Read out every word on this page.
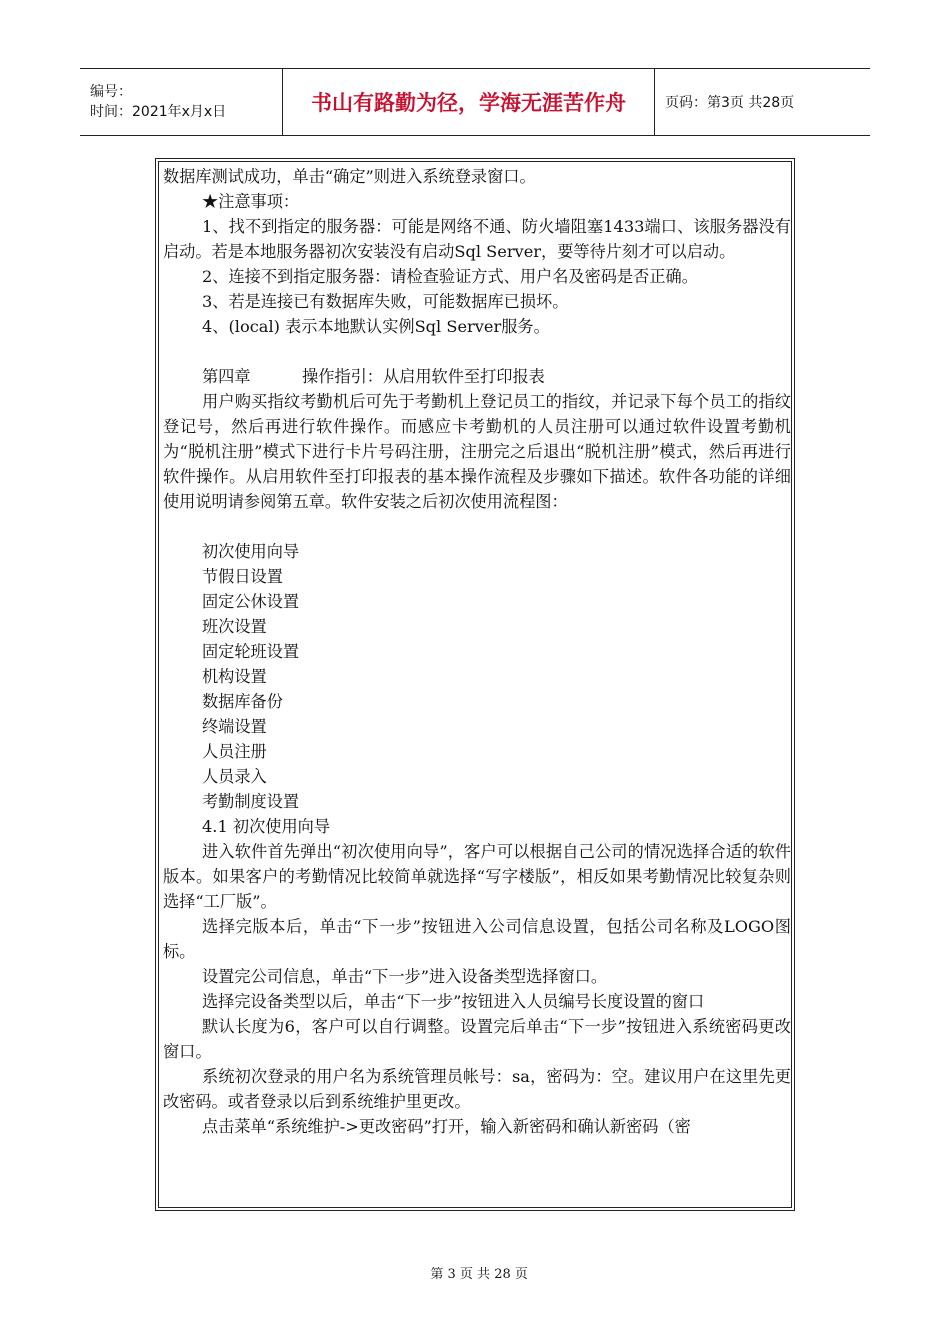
编号：
时间：2021年x月x日	书山有路勤为径，学海无涯苦作舟	页码：第3页 共28页

数据库测试成功，单击“确定”则进入系统登录窗口。

★注意事项：

1、找不到指定的服务器：可能是网络不通、防火墙阻塞1433端口、该服务器没有启动。若是本地服务器初次安装没有启动Sql Server，要等待片刻才可以启动。

2、连接不到指定服务器：请检查验证方式、用户名及密码是否正确。

3、若是连接已有数据库失败，可能数据库已损坏。

4、(local) 表示本地默认实例Sql Server服务。

第四章          操作指引：从启用软件至打印报表

用户购买指纹考勤机后可先于考勤机上登记员工的指纹，并记录下每个员工的指纹登记号，然后再进行软件操作。而感应卡考勤机的人员注册可以通过软件设置考勤机为“脱机注册”模式下进行卡片号码注册，注册完之后退出“脱机注册”模式，然后再进行软件操作。从启用软件至打印报表的基本操作流程及步骤如下描述。软件各功能的详细使用说明请参阅第五章。软件安装之后初次使用流程图：

初次使用向导

节假日设置

固定公休设置

班次设置

固定轮班设置

机构设置

数据库备份

终端设置

人员注册

人员录入

考勤制度设置

4.1 初次使用向导

进入软件首先弹出“初次使用向导”，客户可以根据自己公司的情况选择合适的软件版本。如果客户的考勤情况比较简单就选择“写字楼版”，相反如果考勤情况比较复杂则选择“工厂版”。

选择完版本后，单击“下一步”按钮进入公司信息设置，包括公司名称及LOGO图标。

设置完公司信息，单击“下一步”进入设备类型选择窗口。

选择完设备类型以后，单击“下一步”按钮进入人员编号长度设置的窗口

默认长度为6，客户可以自行调整。设置完后单击“下一步”按钮进入系统密码更改窗口。

系统初次登录的用户名为系统管理员帐号：sa，密码为：空。建议用户在这里先更改密码。或者登录以后到系统维护里更改。

点击菜单“系统维护->更改密码”打开，输入新密码和确认新密码（密

第 3 页 共 28 页
